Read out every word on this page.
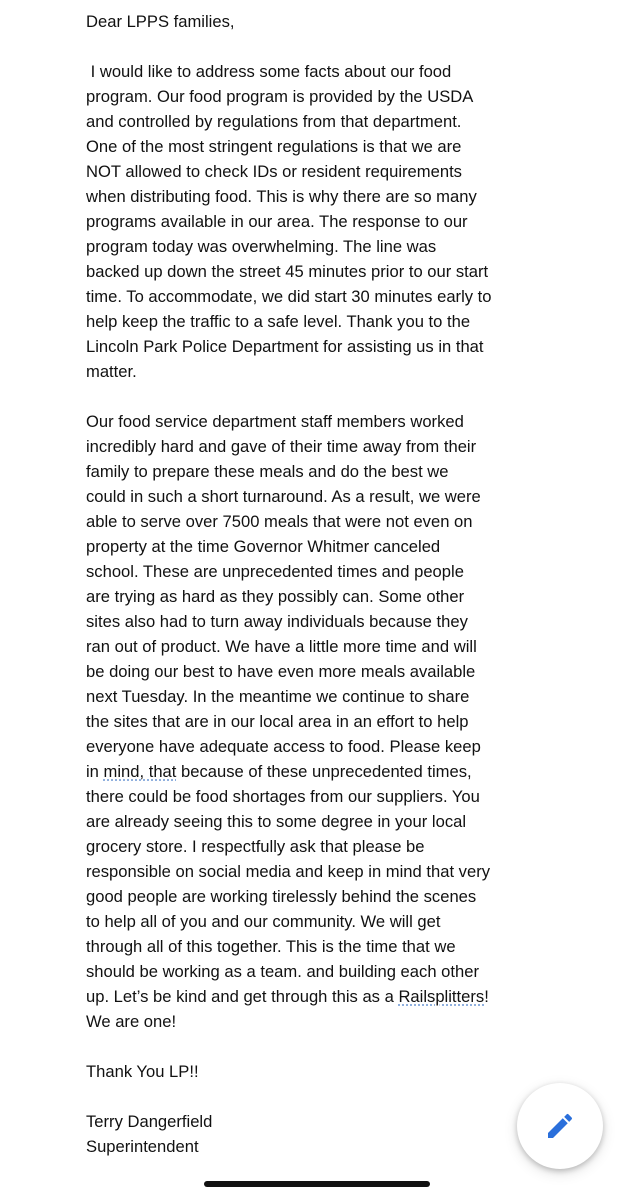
Dear LPPS families,
I would like to address some facts about our food
program. Our food program is provided by the USDA
and controlled by regulations from that department.
One of the most stringent regulations is that we are
NOT allowed to check IDs or resident requirements
when distributing food. This is why there are so many
programs available in our area. The response to our
program today was overwhelming. The line was
backed up down the street 45 minutes prior to our start
time. To accommodate, we did start 30 minutes early to
help keep the traffic to a safe level. Thank you to the
Lincoln Park Police Department for assisting us in that
matter.
Our food service department staff members worked
incredibly hard and gave of their time away from their
family to prepare these meals and do the best we
could in such a short turnaround. As a result, we were
able to serve over 7500 meals that were not even on
property at the time Governor Whitmer canceled
school. These are unprecedented times and people
are trying as hard as they possibly can. Some other
sites also had to turn away individuals because they
ran out of product. We have a little more time and will
be doing our best to have even more meals available
next Tuesday. In the meantime we continue to share
the sites that are in our local area in an effort to help
everyone have adequate access to food. Please keep
in mind, that because of these unprecedented times,
there could be food shortages from our suppliers. You
are already seeing this to some degree in your local
grocery store. I respectfully ask that please be
responsible on social media and keep in mind that very
good people are working tirelessly behind the scenes
to help all of you and our community. We will get
through all of this together. This is the time that we
should be working as a team. and building each other
up. Let’s be kind and get through this as a Railsplitters!
We are one!
Thank You LP!!
Terry Dangerfield
Superintendent
